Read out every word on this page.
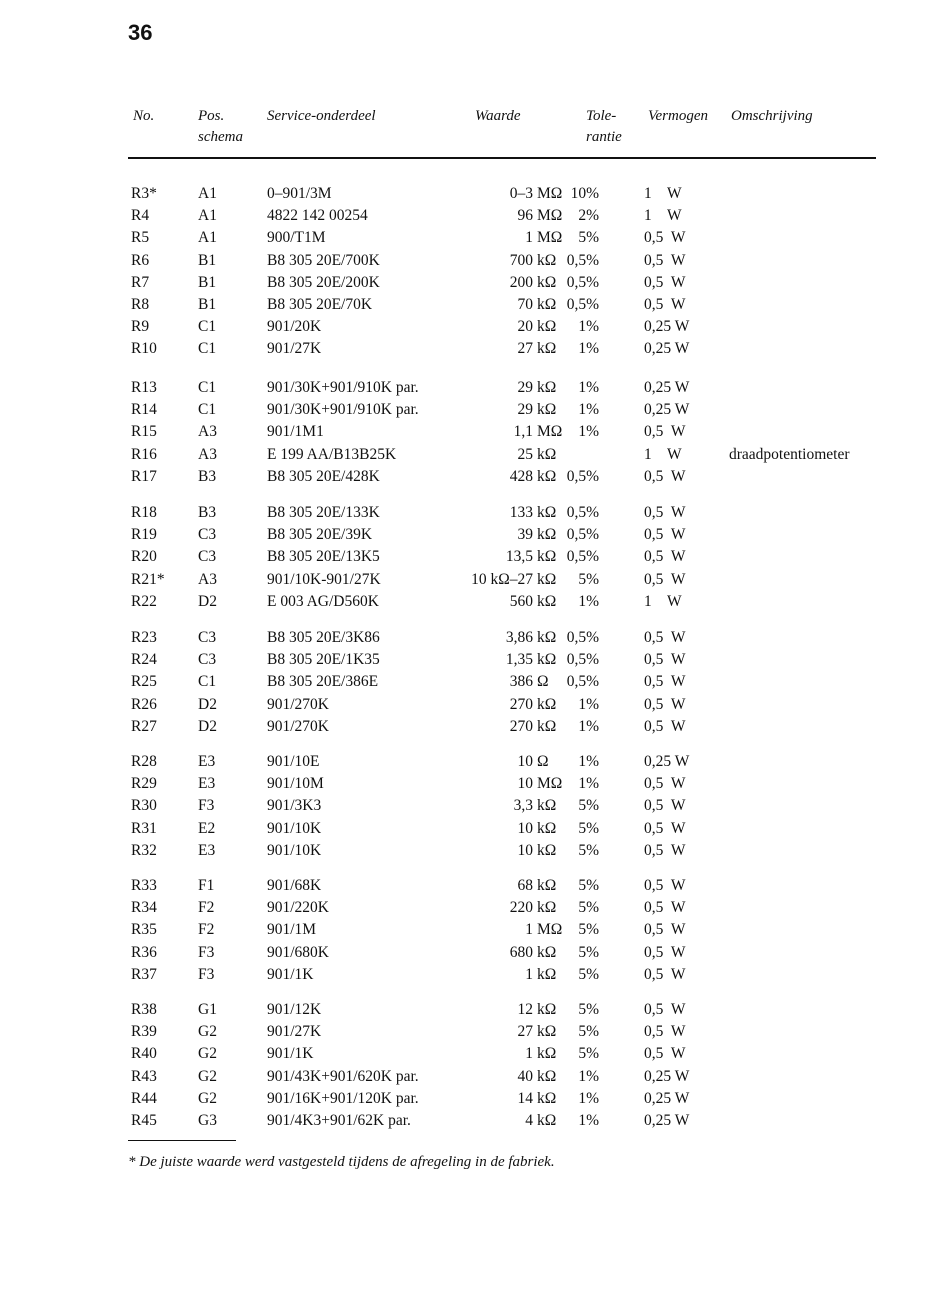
36
No.	Pos.
schema
Service-onderdeel	Waarde	Tole-
rantie
Vermogen Omschrijving
R3*	A1	0–901/3M	0–3 MΩ 10%	1    W
R4	A1	4822 142 00254	96 MΩ 2%	1    W
R5	A1	900/T1M	1 MΩ 5%	0,5  W
R6	B1	B8 305 20E/700K	700 kΩ 0,5%	0,5  W
R7	B1	B8 305 20E/200K	200 kΩ 0,5%	0,5  W
R8	B1	B8 305 20E/70K	70 kΩ 0,5%	0,5  W
R9	C1	901/20K	20 kΩ 1%	0,25 W
R10	C1	901/27K	27 kΩ 1%	0,25 W
R13	C1	901/30K+901/910K par.	29 kΩ 1%	0,25 W
R14	C1	901/30K+901/910K par.	29 kΩ 1%	0,25 W
R15	A3	901/1M1	1,1 MΩ 1%	0,5  W
R16	A3	E 199 AA/B13B25K	25 kΩ	1    W	draadpotentiometer
R17	B3	B8 305 20E/428K	428 kΩ 0,5%	0,5  W
R18	B3	B8 305 20E/133K	133 kΩ 0,5%	0,5  W
R19	C3	B8 305 20E/39K	39 kΩ 0,5%	0,5  W
R20	C3	B8 305 20E/13K5	13,5 kΩ 0,5%	0,5  W
R21* A3	901/10K-901/27K	10 kΩ–27 kΩ 5%	0,5  W
R22	D2	E 003 AG/D560K	560 kΩ 1%	1    W
R23	C3	B8 305 20E/3K86	3,86 kΩ 0,5%	0,5  W
R24	C3	B8 305 20E/1K35	1,35 kΩ 0,5%	0,5  W
R25	C1	B8 305 20E/386E	386 Ω 0,5%	0,5  W
R26	D2	901/270K	270 kΩ 1%	0,5  W
R27	D2	901/270K	270 kΩ 1%	0,5  W
R28	E3	901/10E	10 Ω 1%	0,25 W
R29	E3	901/10M	10 MΩ 1%	0,5  W
R30	F3	901/3K3	3,3 kΩ 5%	0,5  W
R31	E2	901/10K	10 kΩ 5%	0,5  W
R32	E3	901/10K	10 kΩ 5%	0,5  W
R33	F1	901/68K	68 kΩ 5%	0,5  W
R34	F2	901/220K	220 kΩ 5%	0,5  W
R35	F2	901/1M	1 MΩ 5%	0,5  W
R36	F3	901/680K	680 kΩ 5%	0,5  W
R37	F3	901/1K	1 kΩ 5%	0,5  W
R38	G1	901/12K	12 kΩ 5%	0,5  W
R39	G2	901/27K	27 kΩ 5%	0,5  W
R40	G2	901/1K	1 kΩ 5%	0,5  W
R43	G2	901/43K+901/620K par.	40 kΩ 1%	0,25 W
R44	G2	901/16K+901/120K par.	14 kΩ 1%	0,25 W
R45	G3	901/4K3+901/62K par.	4 kΩ 1%	0,25 W
* De juiste waarde werd vastgesteld tijdens de afregeling in de fabriek.
